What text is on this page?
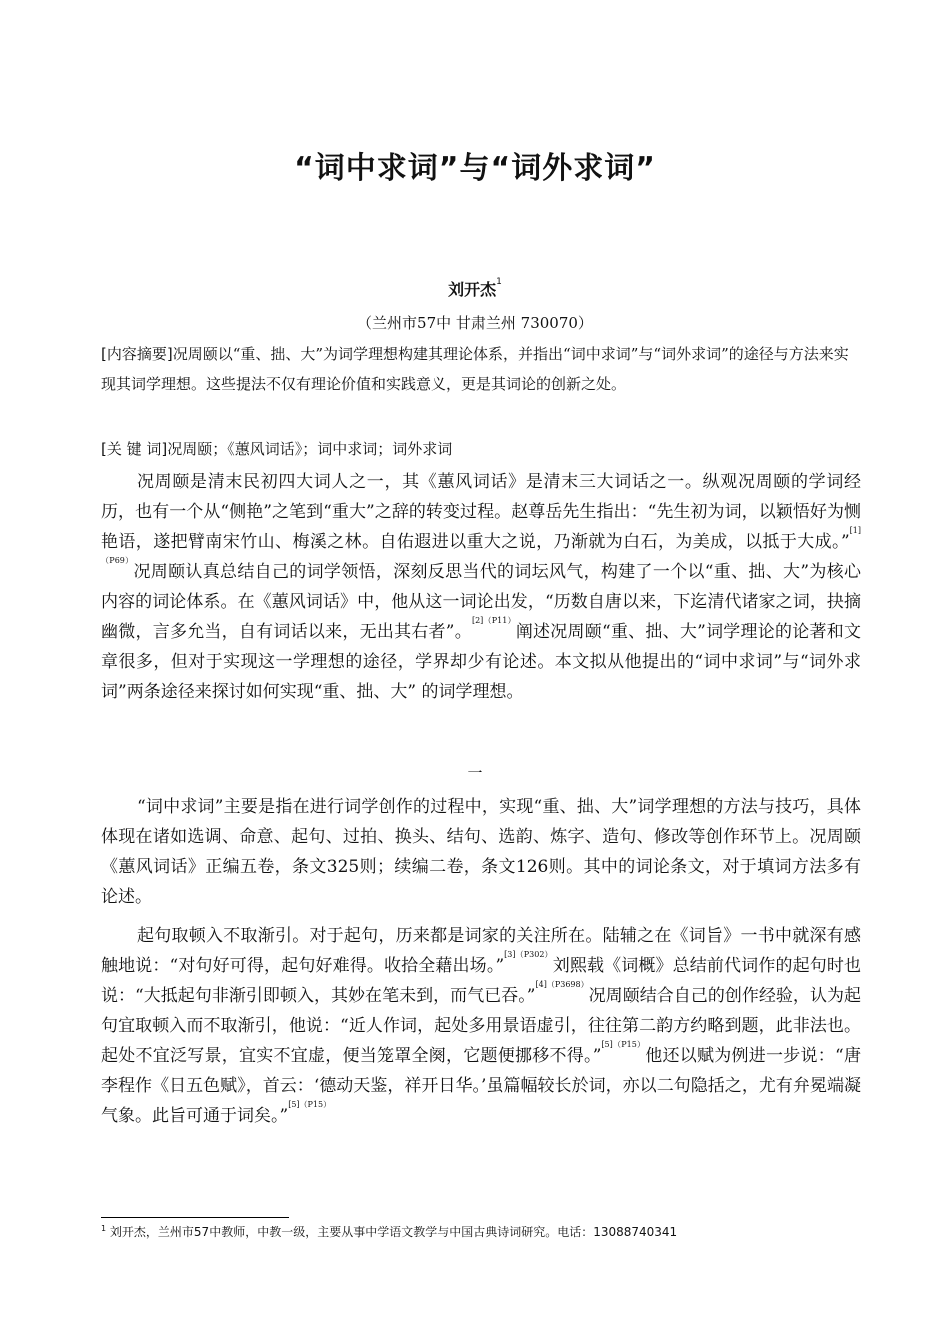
“词中求词”与“词外求词”
刘开杰$^1$
（兰州市57中 甘肃兰州 730070）
[内容摘要]况周颐以“重、拙、大”为词学理想构建其理论体系，并指出“词中求词”与“词外求词”的途径与方法来实现其词学理想。这些提法不仅有理论价值和实践意义，更是其词论的创新之处。
[关 键 词]况周颐；《蕙风词话》；词中求词；词外求词
况周颐是清末民初四大词人之一，其《蕙风词话》是清末三大词话之一。纵观况周颐的学词经历，也有一个从“侧艳”之笔到“重大”之辞的转变过程。赵尊岳先生指出：“先生初为词，以颖悟好为恻艳语，遂把臂南宋竹山、梅溪之林。自佑遐进以重大之说，乃渐就为白石，为美成，以抵于大成。”$^{[1](P69)}$况周颐认真总结自己的词学领悟，深刻反思当代的词坛风气，构建了一个以“重、拙、大”为核心内容的词论体系。在《蕙风词话》中，他从这一词论出发，“历数自唐以来，下迄清代诸家之词，抉摘幽微，言多允当，自有词话以来，无出其右者”。$^{[2](P11)}$阐述况周颐“重、拙、大”词学理论的论著和文章很多，但对于实现这一学理想的途径，学界却少有论述。本文拟从他提出的“词中求词”与“词外求词”两条途径来探讨如何实现“重、拙、大” 的词学理想。
一
“词中求词”主要是指在进行词学创作的过程中，实现“重、拙、大”词学理想的方法与技巧，具体体现在诸如选调、命意、起句、过拍、换头、结句、选韵、炼字、造句、修改等创作环节上。况周颐《蕙风词话》正编五卷，条文325则；续编二卷，条文126则。其中的词论条文，对于填词方法多有论述。
起句取顿入不取渐引。对于起句，历来都是词家的关注所在。陆辅之在《词旨》一书中就深有感触地说：“对句好可得，起句好难得。收拾全藉出场。”$^{[3](P302)}$刘熙载《词概》总结前代词作的起句时也说：“大抵起句非渐引即顿入，其妙在笔未到，而气已吞。”$^{[4](P3698)}$况周颐结合自己的创作经验，认为起句宜取顿入而不取渐引，他说：“近人作词，起处多用景语虚引，往往第二韵方约略到题，此非法也。起处不宜泛写景，宜实不宜虚，便当笼罩全阕，它题便挪移不得。”$^{[5](P15)}$他还以赋为例进一步说：“唐李程作《日五色赋》，首云：‘德动天鉴，祥开日华。’虽篇幅较长於词，亦以二句隐括之，尤有弁冕端凝气象。此旨可通于词矣。”$^{[5](P15)}$
$^1$ 刘开杰，兰州市57中教师，中教一级，主要从事中学语文教学与中国古典诗词研究。电话：13088740341
